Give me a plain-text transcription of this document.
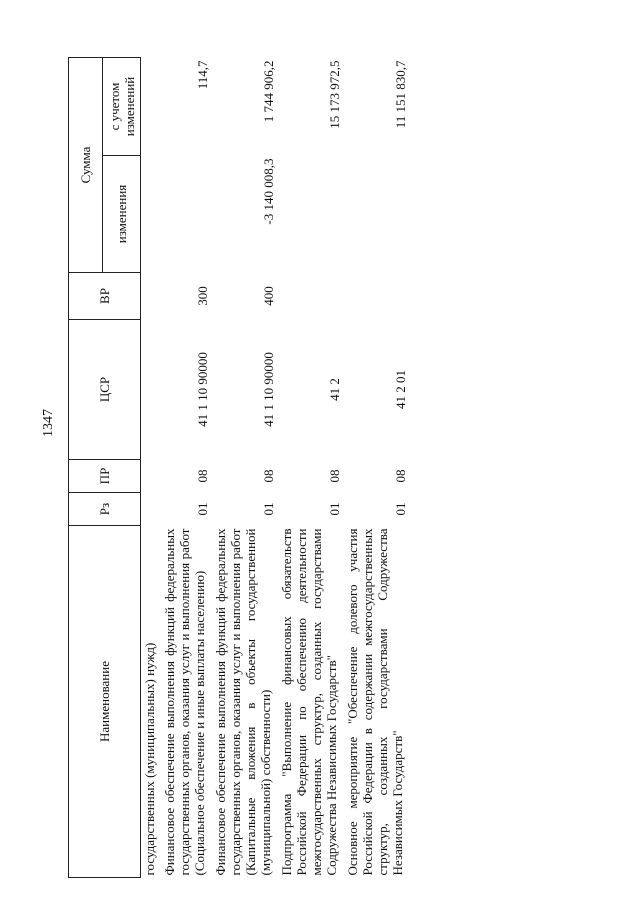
1347
Наименование	Рз	ПР	ЦСР	ВР	Сумма	
					изменения	с учетом изменений
государственных (муниципальных) нужд)						
Финансовое обеспечение выполнения функций федеральных государственных органов, оказания услуг и выполнения работ (Социальное обеспечение и иные выплаты населению)	01	08	41 1 10 90000	300		114,7
Финансовое обеспечение выполнения функций федеральных государственных органов, оказания услуг и выполнения работ (Капитальные вложения в объекты государственной (муниципальной) собственности)	01	08	41 1 10 90000	400	-3 140 008,3	1 744 906,2
Подпрограмма "Выполнение финансовых обязательств Российской Федерации по обеспечению деятельности межгосударственных структур, созданных государствами Содружества Независимых Государств"	01	08	41 2			15 173 972,5
Основное мероприятие "Обеспечение долевого участия Российской Федерации в содержании межгосударственных структур, созданных государствами Содружества Независимых Государств"	01	08	41 2 01			11 151 830,7
